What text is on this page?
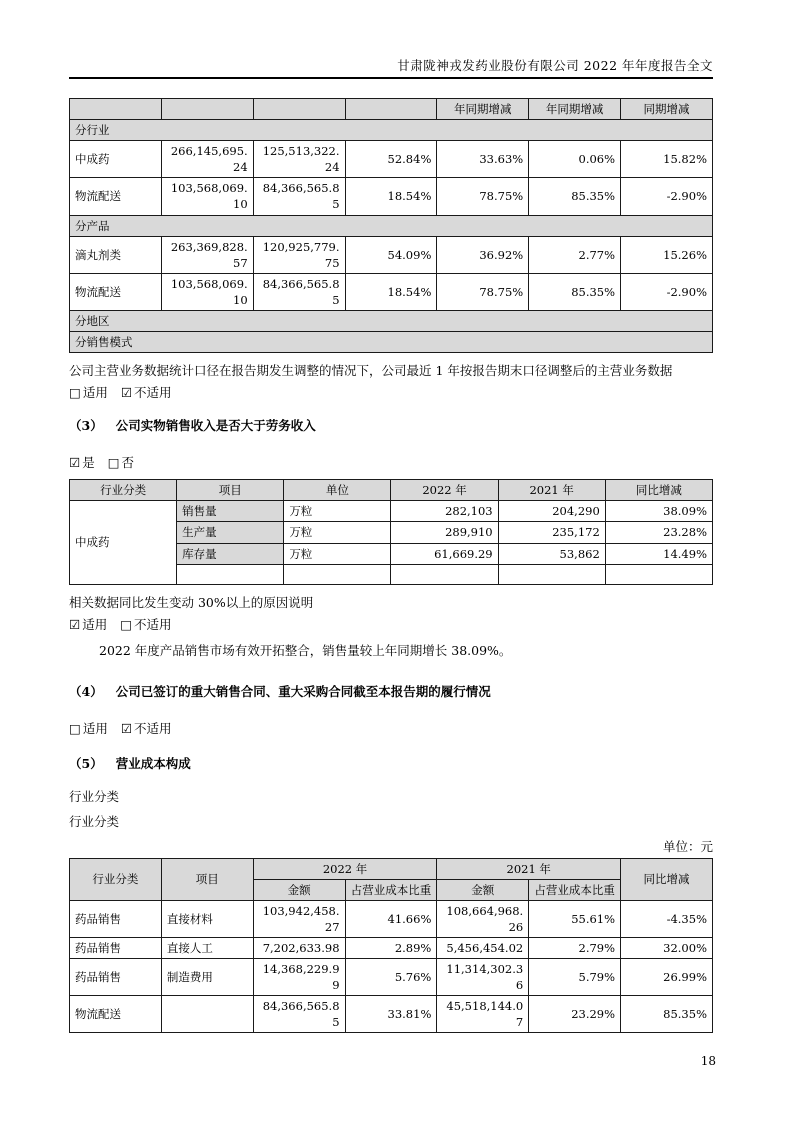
甘肃陇神戎发药业股份有限公司 2022 年年度报告全文
				年同期增减	年同期增减	同期增减
分行业						
中成药	266,145,695.24	125,513,322.24	52.84%	33.63%	0.06%	15.82%
物流配送	103,568,069.10	84,366,565.85	18.54%	78.75%	85.35%	-2.90%
分产品						
滴丸剂类	263,369,828.57	120,925,779.75	54.09%	36.92%	2.77%	15.26%
物流配送	103,568,069.10	84,366,565.85	18.54%	78.75%	85.35%	-2.90%
分地区						
分销售模式						

公司主营业务数据统计口径在报告期发生调整的情况下，公司最近 1 年按报告期末口径调整后的主营业务数据

□ 适用 ☑ 不适用
（3） 公司实物销售收入是否大于劳务收入
☑ 是 □ 否
行业分类	项目	单位	2022 年	2021 年	同比增减
中成药	销售量	万粒	282,103	204,290	38.09%
	生产量	万粒	289,910	235,172	23.28%
	库存量	万粒	61,669.29	53,862	14.49%

相关数据同比发生变动 30%以上的原因说明

☑ 适用 □ 不适用

2022 年度产品销售市场有效开拓整合，销售量较上年同期增长 38.09%。

（4） 公司已签订的重大销售合同、重大采购合同截至本报告期的履行情况
□ 适用 ☑ 不适用
（5） 营业成本构成

行业分类

行业分类

单位：元

行业分类	项目	2022 年		2021 年		同比增减
		金额	占营业成本比重	金额	占营业成本比重	
药品销售	直接材料	103,942,458.27	41.66%	108,664,968.26	55.61%	-4.35%
药品销售	直接人工	7,202,633.98	2.89%	5,456,454.02	2.79%	32.00%
药品销售	制造费用	14,368,229.99	5.76%	11,314,302.36	5.79%	26.99%
物流配送		84,366,565.85	33.81%	45,518,144.07	23.29%	85.35%
18
